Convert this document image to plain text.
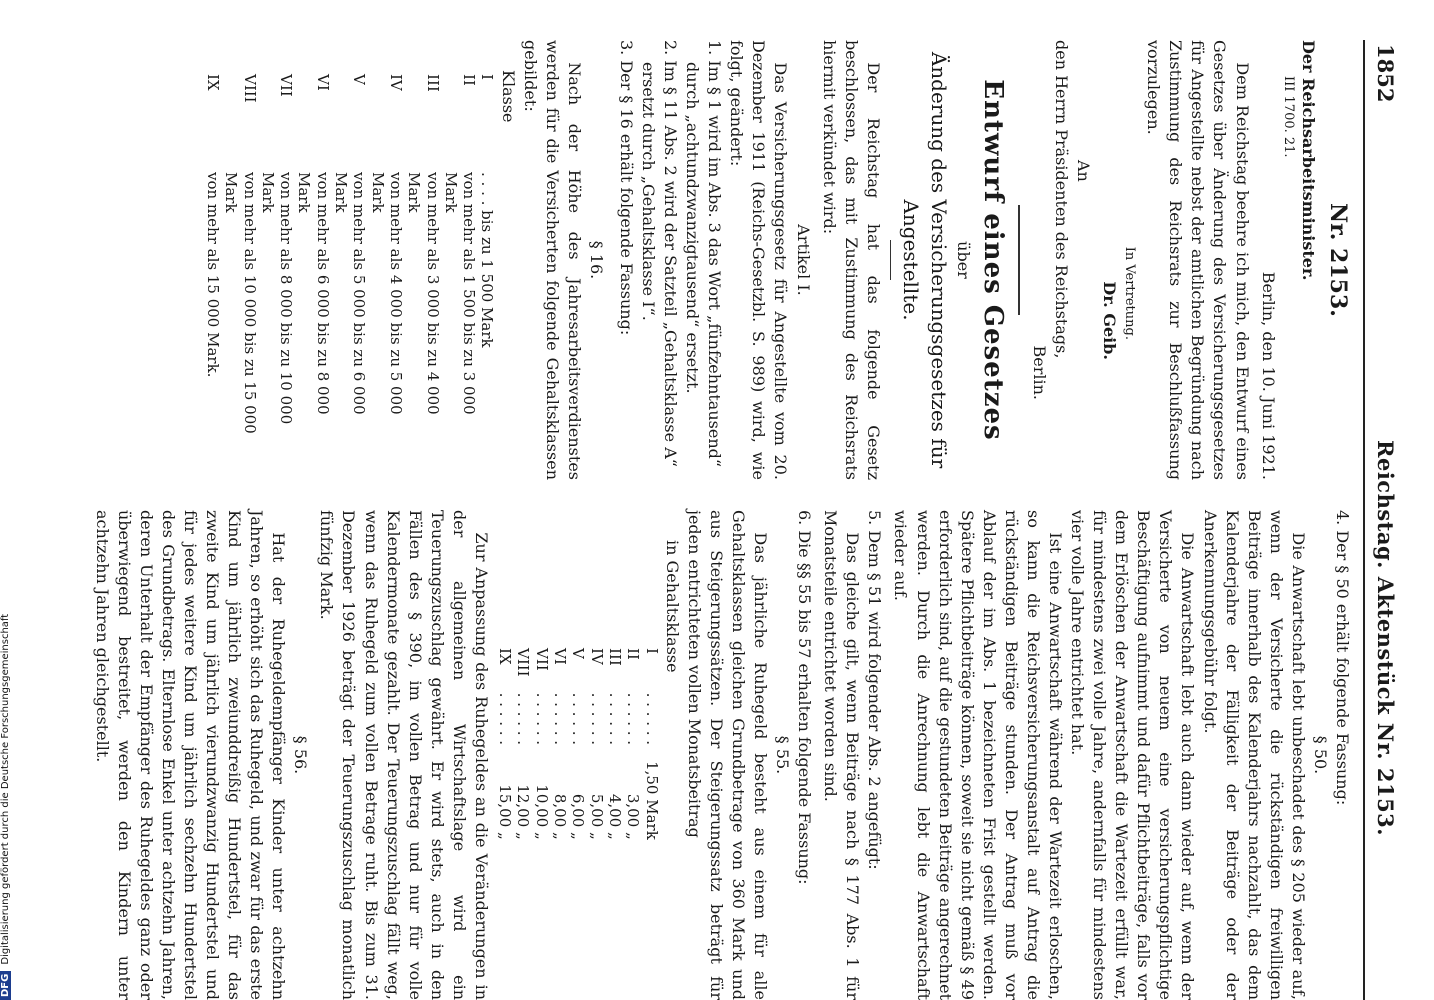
1852
Reichstag. Aktenstück Nr. 2153.

Nr. 2153.

Der Reichsarbeitsminister.

III 1700. 21.

Berlin, den 10. Juni 1921.

Dem Reichstag beehre ich mich, den Entwurf eines Gesetzes über Änderung des Versicherungsgesetzes für Angestellte nebst der amtlichen Begründung nach Zustimmung des Reichsrats zur Beschlußfassung vorzulegen.

In Vertretung.

Dr. Geib.

An

den Herrn Präsidenten des Reichstags,

Berlin.

Entwurf eines Gesetzes

über

Änderung des Versicherungsgesetzes für Angestellte.

Der Reichstag hat das folgende Gesetz beschlossen, das mit Zustimmung des Reichsrats hiermit verkündet wird:

Artikel I.

Das Versicherungsgesetz für Angestellte vom 20. Dezember 1911 (Reichs-Gesetzbl. S. 989) wird, wie folgt, geändert:

1. Im § 1 wird im Abs. 3 das Wort „fünfzehntausend“ durch „achtundzwanzigtausend“ ersetzt.

2. Im § 11 Abs. 2 wird der Satzteil „Gehaltsklasse A“ ersetzt durch „Gehaltsklasse I“.

3. Der § 16 erhält folgende Fassung:

§ 16.

Nach der Höhe des Jahresarbeitsverdienstes werden für die Versicherten folgende Gehaltsklassen gebildet:

Klasse

I	. . . . bis zu 1 500 Mark
II	von mehr als 1 500 bis zu 3 000 Mark
III	von mehr als 3 000 bis zu 4 000 Mark
IV	von mehr als 4 000 bis zu 5 000 Mark
V	von mehr als 5 000 bis zu 6 000 Mark
VI	von mehr als 6 000 bis zu 8 000 Mark
VII	von mehr als 8 000 bis zu 10 000 Mark
VIII	von mehr als 10 000 bis zu 15 000 Mark
IX	von mehr als 15 000 Mark.

4. Der § 50 erhält folgende Fassung:

§ 50.

Die Anwartschaft lebt unbeschadet des § 205 wieder auf, wenn der Versicherte die rückständigen freiwilligen Beiträge innerhalb des Kalenderjahrs nachzahlt, das dem Kalenderjahre der Fälligkeit der Beiträge oder der Anerkennungsgebühr folgt.

Die Anwartschaft lebt auch dann wieder auf, wenn der Versicherte von neuem eine versicherungspflichtige Beschäftigung aufnimmt und dafür Pflichtbeiträge, falls vor dem Erlöschen der Anwartschaft die Wartezeit erfüllt war, für mindestens zwei volle Jahre, andernfalls für mindestens vier volle Jahre entrichtet hat.

Ist eine Anwartschaft während der Wartezeit erloschen, so kann die Reichsversicherungsanstalt auf Antrag die rückständigen Beiträge stunden. Der Antrag muß vor Ablauf der im Abs. 1 bezeichneten Frist gestellt werden. Spätere Pflichtbeiträge können, soweit sie nicht gemäß § 49 erforderlich sind, auf die gestundeten Beiträge angerechnet werden. Durch die Anrechnung lebt die Anwartschaft wieder auf.

5. Dem § 51 wird folgender Abs. 2 angefügt:

Das gleiche gilt, wenn Beiträge nach § 177 Abs. 1 für Monatsteile entrichtet worden sind.

6. Die §§ 55 bis 57 erhalten folgende Fassung:

§ 55.

Das jährliche Ruhegeld besteht aus einem für alle Gehaltsklassen gleichen Grundbetrage von 360 Mark und aus Steigerungssätzen. Der Steigerungssatz beträgt für jeden entrichteten vollen Monatsbeitrag

in Gehaltsklasse

I	. . . . . .	1,50 Mark
II	. . . . . .	3,00 „
III	. . . . . .	4,00 „
IV	. . . . . .	5,00 „
V	. . . . . .	6,00 „
VI	. . . . . .	8,00 „
VII	. . . . . .	10,00 „
VIII	. . . . . .	12,00 „
IX	. . . . . .	15,00 „

Zur Anpassung des Ruhegeldes an die Veränderungen in der allgemeinen Wirtschaftslage wird ein Teuerungszuschlag gewährt. Er wird stets, auch in den Fällen des § 390, im vollen Betrag und nur für volle Kalendermonate gezahlt. Der Teuerungszuschlag fällt weg, wenn das Ruhegeld zum vollen Betrage ruht. Bis zum 31. Dezember 1926 beträgt der Teuerungszuschlag monatlich fünfzig Mark.

§ 56.

Hat der Ruhegeldempfänger Kinder unter achtzehn Jahren, so erhöht sich das Ruhegeld, und zwar für das erste Kind um jährlich zweiunddreißig Hundertstel, für das zweite Kind um jährlich vierundzwanzig Hundertstel und für jedes weitere Kind um jährlich sechzehn Hundertstel des Grundbetrags. Elternlose Enkel unter achtzehn Jahren, deren Unterhalt der Empfänger des Ruhegeldes ganz oder überwiegend bestreitet, werden den Kindern unter achtzehn Jahren gleichgestellt.

DFGDigitalisierung gefördert durch die Deutsche Forschungsgemeinschaft
